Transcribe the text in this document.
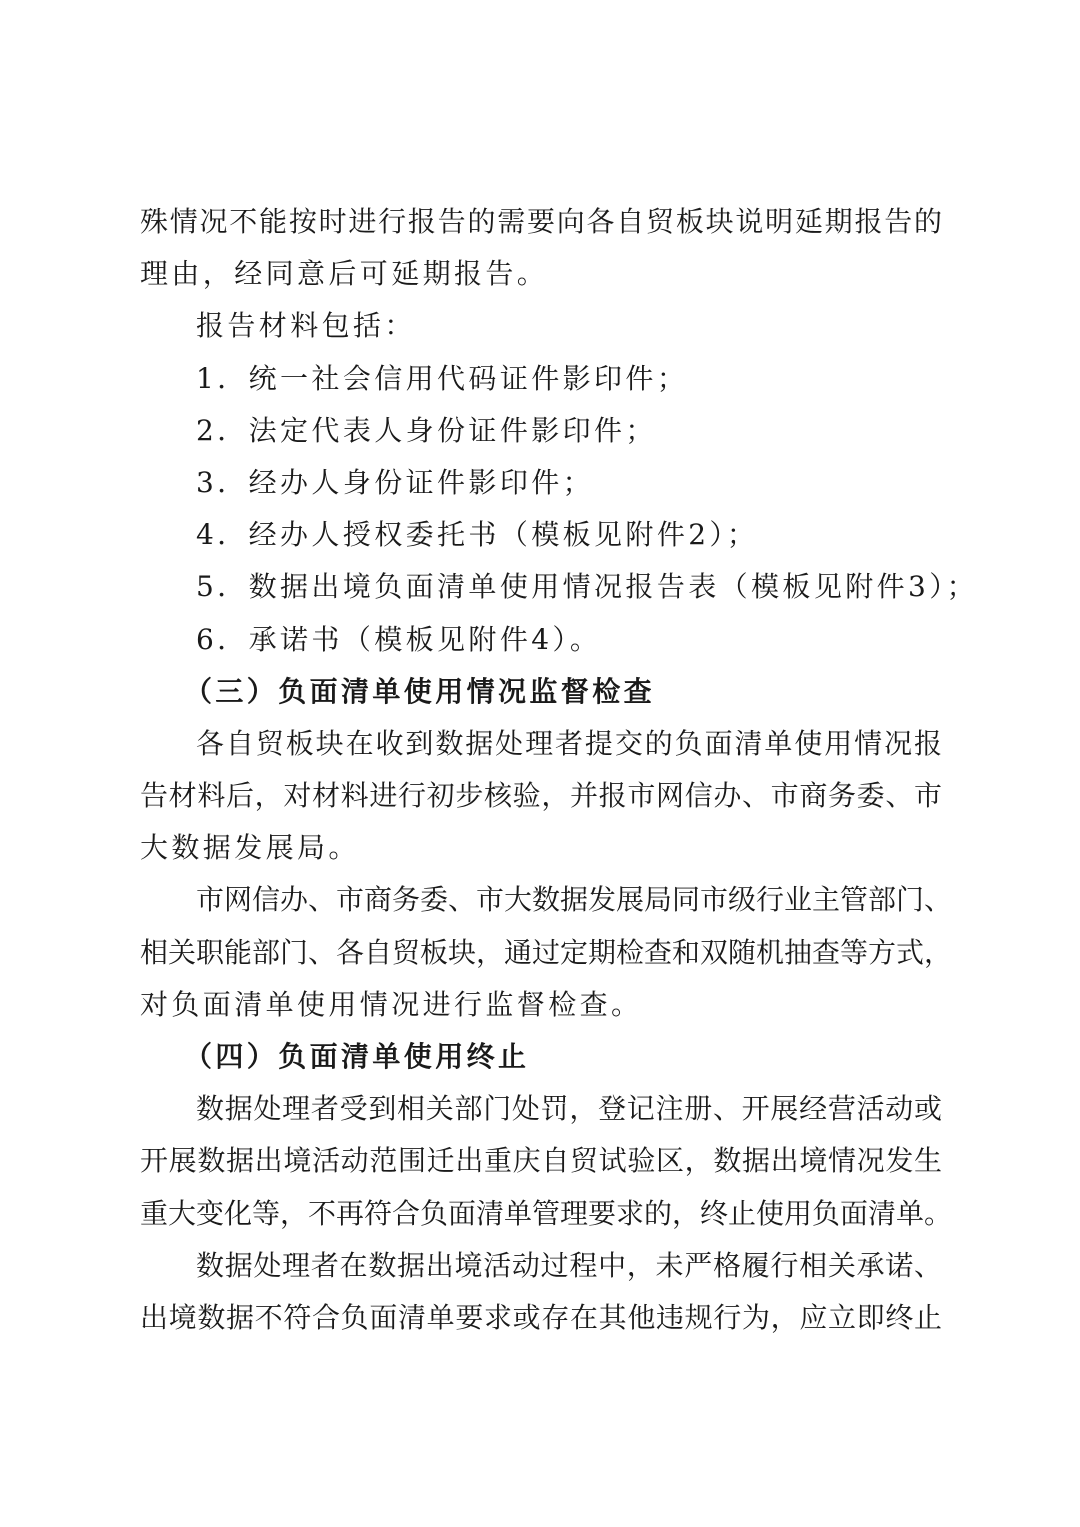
殊情况不能按时进行报告的需要向各自贸板块说明延期报告的
理由，经同意后可延期报告。
报告材料包括：
1．统一社会信用代码证件影印件；
2．法定代表人身份证件影印件；
3．经办人身份证件影印件；
4．经办人授权委托书（模板见附件2）；
5．数据出境负面清单使用情况报告表（模板见附件3）；
6．承诺书（模板见附件4）。
（三）负面清单使用情况监督检查
各自贸板块在收到数据处理者提交的负面清单使用情况报
告材料后，对材料进行初步核验，并报市网信办、市商务委、市
大数据发展局。
市网信办、市商务委、市大数据发展局同市级行业主管部门、
相关职能部门、各自贸板块，通过定期检查和双随机抽查等方式，
对负面清单使用情况进行监督检查。
（四）负面清单使用终止
数据处理者受到相关部门处罚，登记注册、开展经营活动或
开展数据出境活动范围迁出重庆自贸试验区，数据出境情况发生
重大变化等，不再符合负面清单管理要求的，终止使用负面清单。
数据处理者在数据出境活动过程中，未严格履行相关承诺、
出境数据不符合负面清单要求或存在其他违规行为，应立即终止
